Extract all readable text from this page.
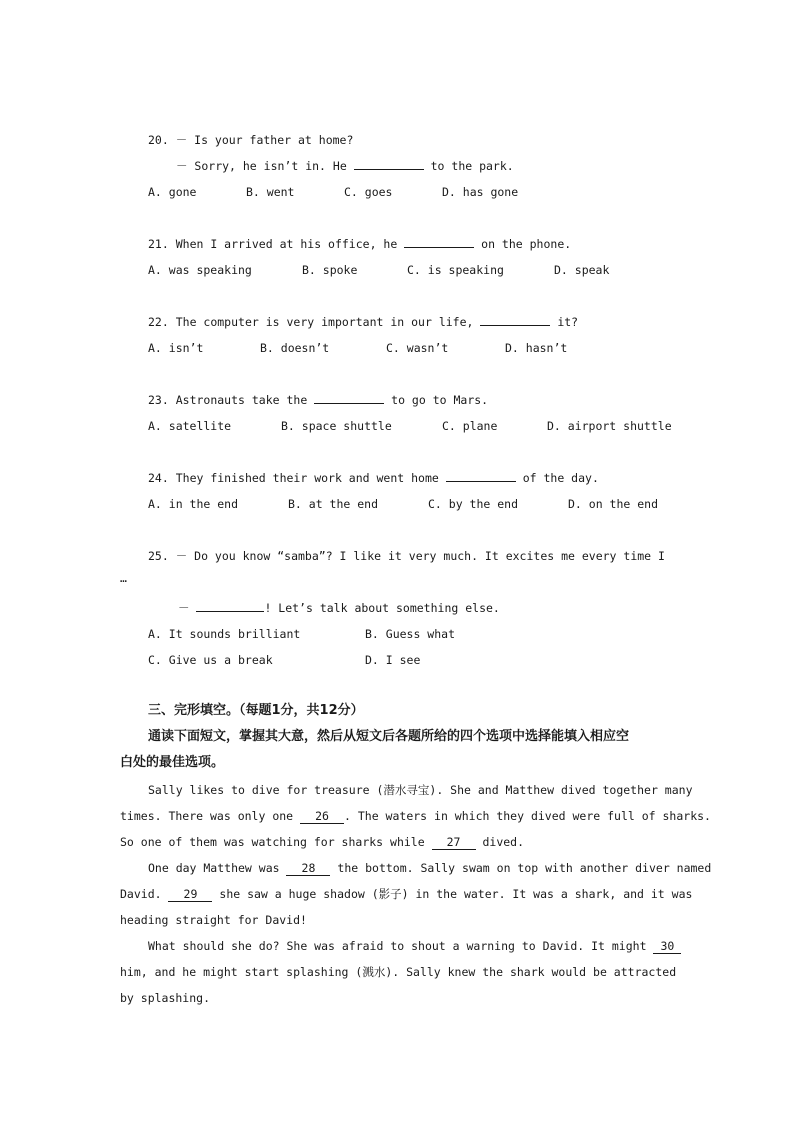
20. － Is your father at home?
－ Sorry, he isn’t in. He	to the park.
A. gone	B. went	C. goes	D. has gone
21. When I arrived at his office, he	on the phone.
A. was speaking	B. spoke	C. is speaking	D. speak
22. The computer is very important in our life,	it?
A. isn’t	B. doesn’t	C. wasn’t	D. hasn’t
23. Astronauts take the	to go to Mars.
A. satellite	B. space shuttle	C. plane	D. airport shuttle
24. They finished their work and went home	of the day.
A. in the end	B. at the end	C. by the end	D. on the end
25. － Do you know “samba”? I like it very much. It excites me every time I
…
－	! Let’s talk about something else.
A. It sounds brilliant	B. Guess what
C. Give us a break	D. I see
三、完形填空。（每题1分，共12分）
通读下面短文，掌握其大意，然后从短文后各题所给的四个选项中选择能填入相应空
白处的最佳选项。
Sally likes to dive for treasure (潜水寻宝). She and Matthew dived together many
times. There was only one 26 . The waters in which they dived were full of sharks.
So one of them was watching for sharks while 27 dived.
One day Matthew was 28 the bottom. Sally swam on top with another diver named
David. 29 she saw a huge shadow (影子) in the water. It was a shark, and it was
heading straight for David!
What should she do? She was afraid to shout a warning to David. It might 30
him, and he might start splashing (溅水). Sally knew the shark would be attracted
by splashing.
